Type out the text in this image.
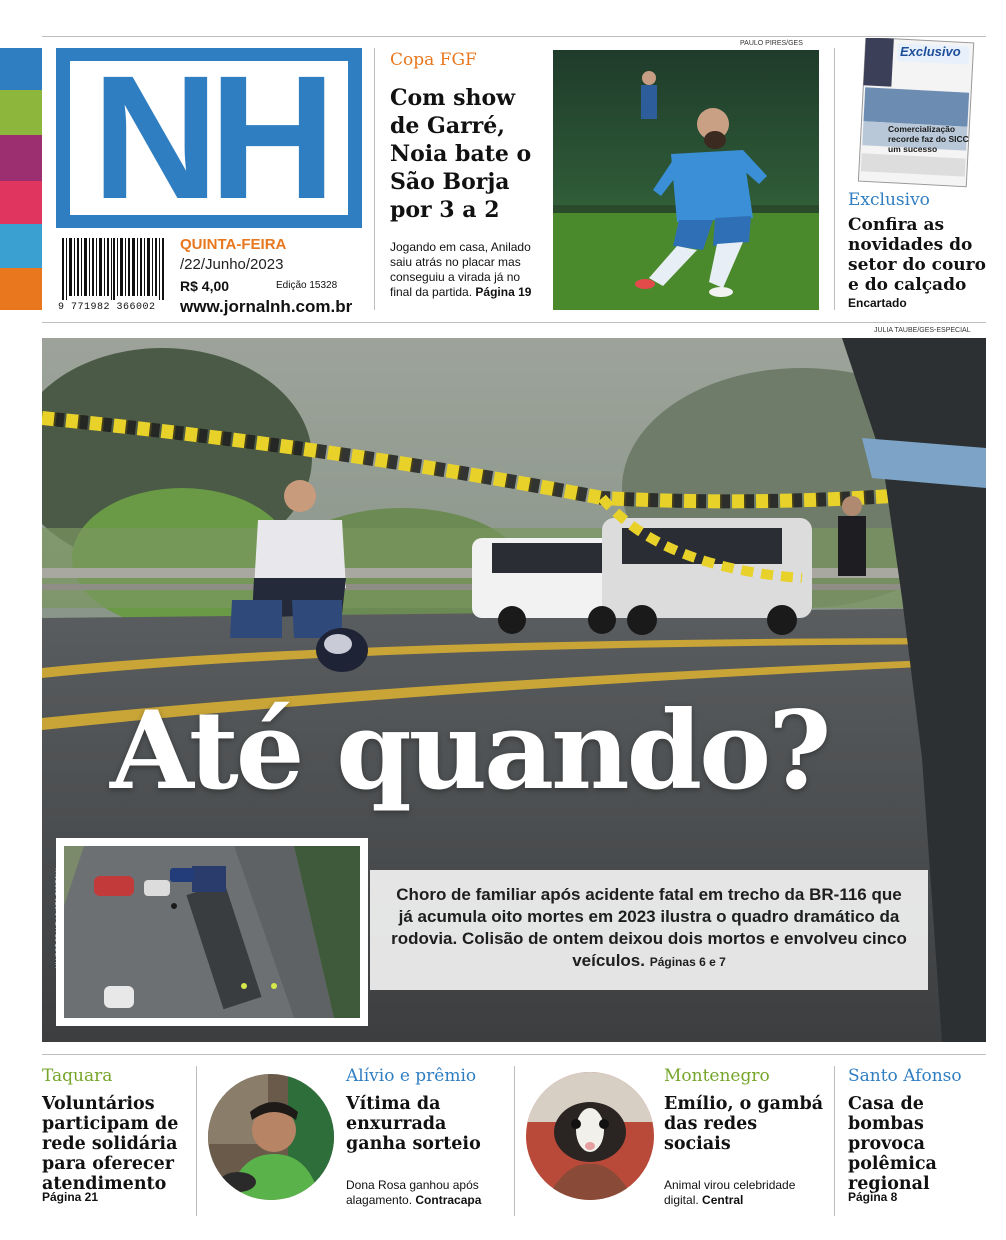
NH
9 771982 366002
QUINTA-FEIRA
/22/Junho/2023
R$ 4,00	Edição 15328
www.jornalnh.com.br
Copa FGF
Com show de Garré, Noia bate o São Borja por 3 a 2
Jogando em casa, Anilado saiu atrás no placar mas conseguiu a virada já no final da partida. Página 19
PAULO PIRES/GES
Exclusivo
Comercialização recorde faz do SICC um sucesso
Exclusivo
Confira as novidades do setor do couro e do calçado
Encartado
JULIA TAUBE/GES-ESPECIAL
Até quando?
VANDRÉ BRANDÃO/GES-ESPECIAL	Choro de familiar após acidente fatal em trecho da BR-116 que já acumula oito mortes em 2023 ilustra o quadro dramático da rodovia. Colisão de ontem deixou dois mortos e envolveu cinco veículos. Páginas 6 e 7
Taquara
Voluntários participam de rede solidária para oferecer atendimento
Página 21
Alívio e prêmio
Vítima da enxurrada ganha sorteio
Dona Rosa ganhou após alagamento. Contracapa
Montenegro
Emílio, o gambá das redes sociais
Animal virou celebridade digital. Central
Santo Afonso
Casa de bombas provoca polêmica regional
Página 8
